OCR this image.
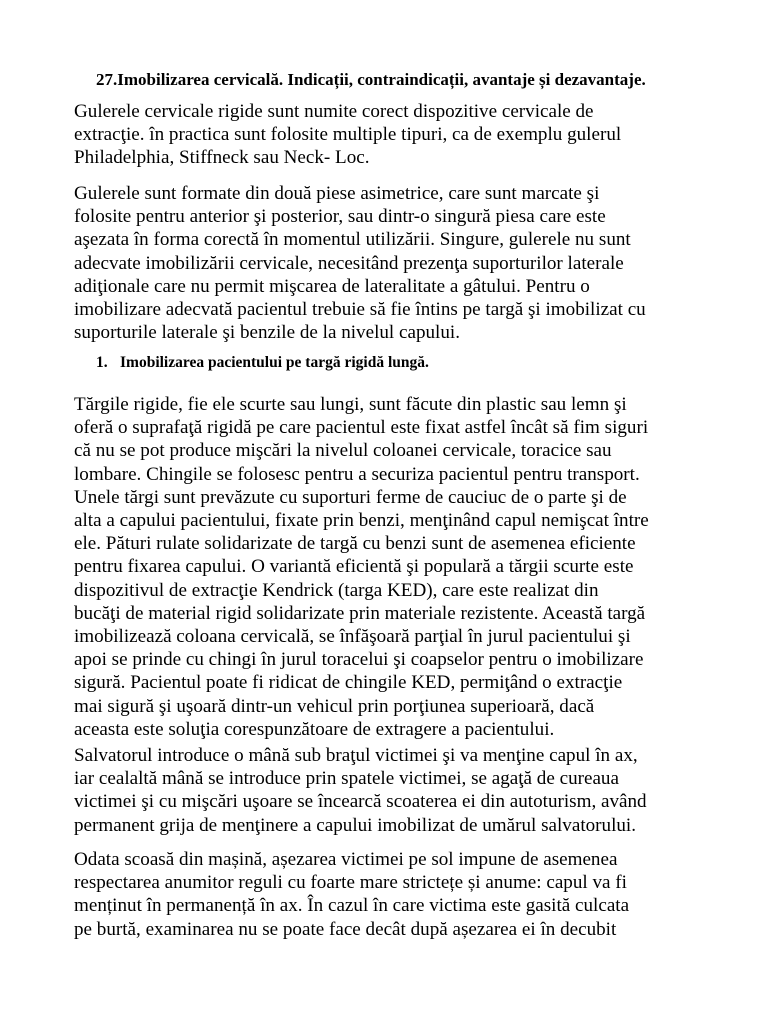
27.Imobilizarea cervicală. Indicații, contraindicații, avantaje și dezavantaje.

Gulerele cervicale rigide sunt numite corect dispozitive cervicale de
extracţie. în practica sunt folosite multiple tipuri, ca de exemplu gulerul
Philadelphia, Stiffneck sau Neck- Loc.

Gulerele sunt formate din două piese asimetrice, care sunt marcate şi
folosite pentru anterior şi posterior, sau dintr-o singură piesa care este
aşezata în forma corectă în momentul utilizării. Singure, gulerele nu sunt
adecvate imobilizării cervicale, necesitând prezenţa suporturilor laterale
adiţionale care nu permit mişcarea de lateralitate a gâtului. Pentru o
imobilizare adecvată pacientul trebuie să fie întins pe targă şi imobilizat cu
suporturile laterale şi benzile de la nivelul capului.

1. Imobilizarea pacientului pe targă rigidă lungă.

Tărgile rigide, fie ele scurte sau lungi, sunt făcute din plastic sau lemn şi
oferă o suprafaţă rigidă pe care pacientul este fixat astfel încât să fim siguri
că nu se pot produce mişcări la nivelul coloanei cervicale, toracice sau
lombare. Chingile se folosesc pentru a securiza pacientul pentru transport.
Unele tărgi sunt prevăzute cu suporturi ferme de cauciuc de o parte şi de
alta a capului pacientului, fixate prin benzi, menţinând capul nemişcat între
ele. Pături rulate solidarizate de targă cu benzi sunt de asemenea eficiente
pentru fixarea capului. O variantă eficientă şi populară a tărgii scurte este
dispozitivul de extracţie Kendrick (targa KED), care este realizat din
bucăţi de material rigid solidarizate prin materiale rezistente. Această targă
imobilizează coloana cervicală, se înfăşoară parţial în jurul pacientului şi
apoi se prinde cu chingi în jurul toracelui şi coapselor pentru o imobilizare
sigură. Pacientul poate fi ridicat de chingile KED, permiţând o extracţie
mai sigură şi uşoară dintr-un vehicul prin porţiunea superioară, dacă
aceasta este soluţia corespunzătoare de extragere a pacientului.

Salvatorul introduce o mână sub braţul victimei şi va menţine capul în ax,
iar cealaltă mână se introduce prin spatele victimei, se agaţă de cureaua
victimei şi cu mişcări uşoare se încearcă scoaterea ei din autoturism, având
permanent grija de menţinere a capului imobilizat de umărul salvatorului.

Odata scoasă din mașină, așezarea victimei pe sol impune de asemenea
respectarea anumitor reguli cu foarte mare strictețe și anume: capul va fi
menținut în permanență în ax. În cazul în care victima este gasită culcata
pe burtă, examinarea nu se poate face decât după așezarea ei în decubit
